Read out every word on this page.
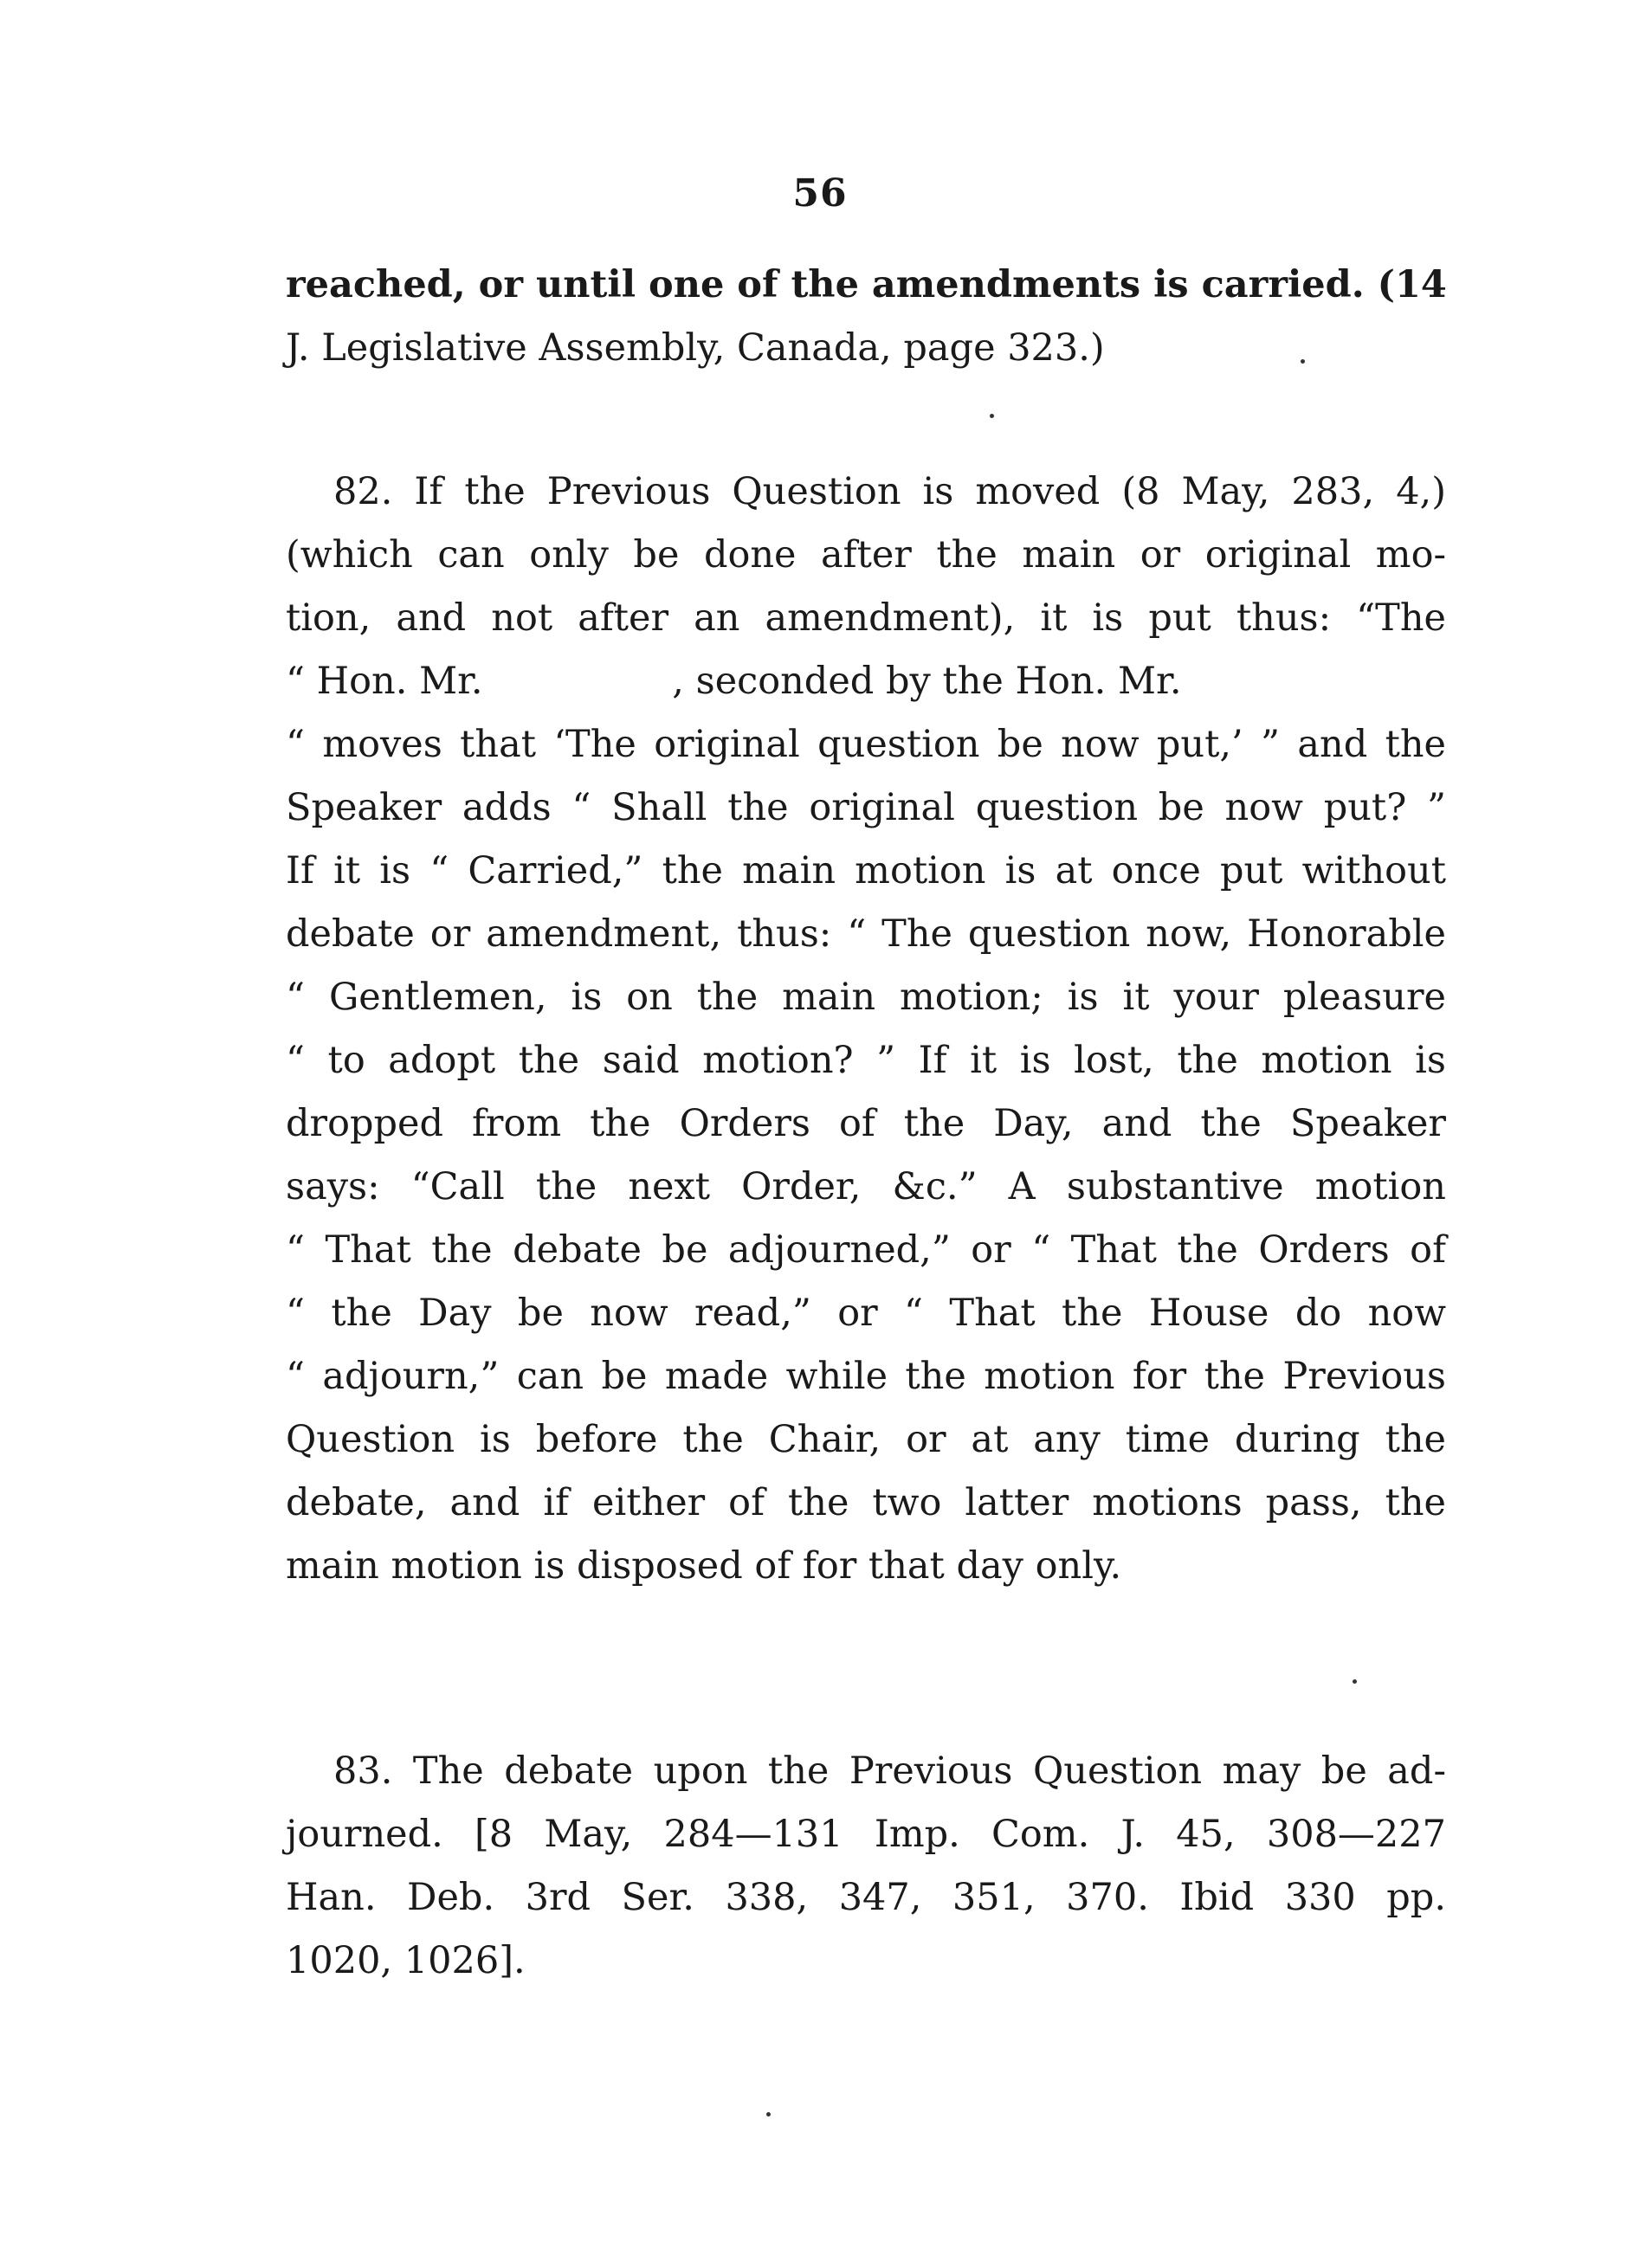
56
reached, or until one of the amendments is carried. (14
J. Legislative Assembly, Canada, page 323.)
82. If the Previous Question is moved (8 May, 283, 4,)
(which can only be done after the main or original mo-
tion, and not after an amendment), it is put thus: “The
“ Hon. Mr.                , seconded by the Hon. Mr.
“ moves that ‘The original question be now put,’ ” and the
Speaker adds “ Shall the original question be now put? ”
If it is “ Carried,” the main motion is at once put without
debate or amendment, thus: “ The question now, Honorable
“ Gentlemen, is on the main motion; is it your pleasure
“ to adopt the said motion? ” If it is lost, the motion is
dropped from the Orders of the Day, and the Speaker
says: “Call the next Order, &c.” A substantive motion
“ That the debate be adjourned,” or “ That the Orders of
“ the Day be now read,” or “ That the House do now
“ adjourn,” can be made while the motion for the Previous
Question is before the Chair, or at any time during the
debate, and if either of the two latter motions pass, the
main motion is disposed of for that day only.
83. The debate upon the Previous Question may be ad-
journed. [8 May, 284—131 Imp. Com. J. 45, 308—227
Han. Deb. 3rd Ser. 338, 347, 351, 370. Ibid 330 pp.
1020, 1026].
